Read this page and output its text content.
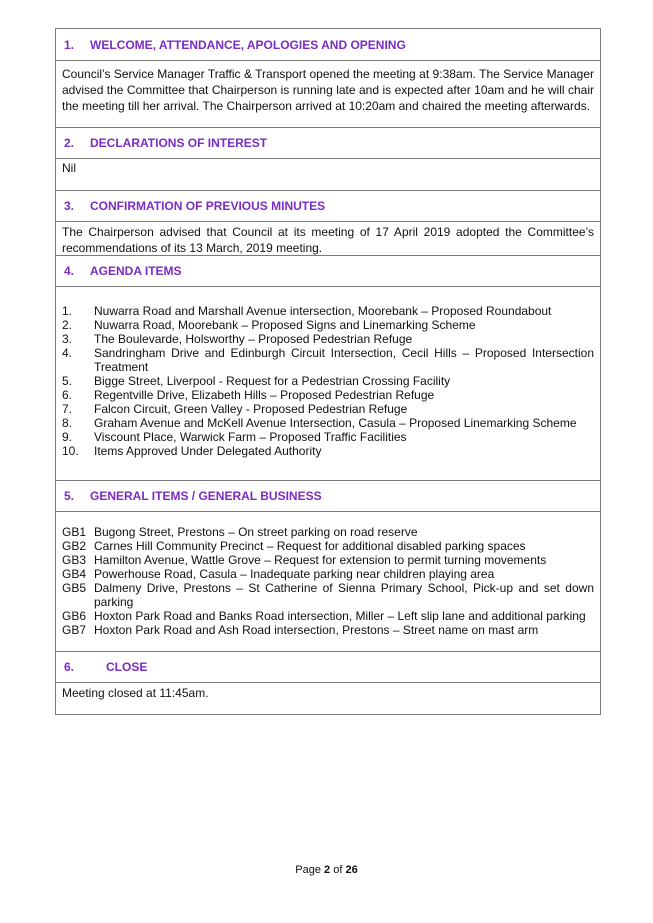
1.	WELCOME, ATTENDANCE, APOLOGIES AND OPENING
Council’s Service Manager Traffic & Transport opened the meeting at 9:38am. The Service Manager advised the Committee that Chairperson is running late and is expected after 10am and he will chair the meeting till her arrival. The Chairperson arrived at 10:20am and chaired the meeting afterwards.
2.	DECLARATIONS OF INTEREST
Nil
3.	CONFIRMATION OF PREVIOUS MINUTES
The Chairperson advised that Council at its meeting of 17 April 2019 adopted the Committee’s recommendations of its 13 March, 2019 meeting.
4.	AGENDA ITEMS
1.	Nuwarra Road and Marshall Avenue intersection, Moorebank – Proposed Roundabout
2.	Nuwarra Road, Moorebank – Proposed Signs and Linemarking Scheme
3.	The Boulevarde, Holsworthy – Proposed Pedestrian Refuge
4.	Sandringham Drive and Edinburgh Circuit Intersection, Cecil Hills – Proposed Intersection Treatment
5.	Bigge Street, Liverpool - Request for a Pedestrian Crossing Facility
6.	Regentville Drive, Elizabeth Hills – Proposed Pedestrian Refuge
7.	Falcon Circuit, Green Valley - Proposed Pedestrian Refuge
8.	Graham Avenue and McKell Avenue Intersection, Casula – Proposed Linemarking Scheme
9.	Viscount Place, Warwick Farm – Proposed Traffic Facilities
10.	Items Approved Under Delegated Authority
5.	GENERAL ITEMS / GENERAL BUSINESS
GB1 Bugong Street, Prestons – On street parking on road reserve
GB2 Carnes Hill Community Precinct – Request for additional disabled parking spaces
GB3 Hamilton Avenue, Wattle Grove – Request for extension to permit turning movements
GB4 Powerhouse Road, Casula – Inadequate parking near children playing area
GB5 Dalmeny Drive, Prestons – St Catherine of Sienna Primary School, Pick-up and set down parking
GB6 Hoxton Park Road and Banks Road intersection, Miller – Left slip lane and additional parking
GB7 Hoxton Park Road and Ash Road intersection, Prestons – Street name on mast arm
6.	CLOSE
Meeting closed at 11:45am.
Page 2 of 26
